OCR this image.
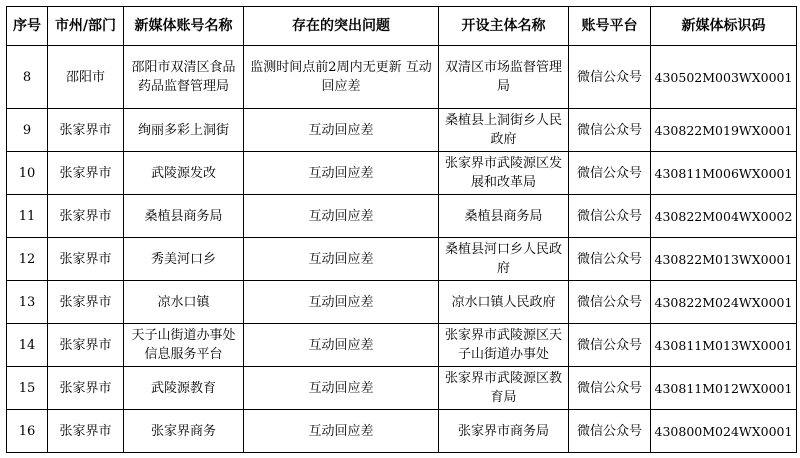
序号	市州/部门	新媒体账号名称	存在的突出问题	开设主体名称	账号平台	新媒体标识码
8	邵阳市	邵阳市双清区食品药品监督管理局	监测时间点前2周内无更新 互动回应差	双清区市场监督管理局	微信公众号	430502M003WX0001
9	张家界市	绚丽多彩上洞街	互动回应差	桑植县上洞街乡人民政府	微信公众号	430822M019WX0001
10	张家界市	武陵源发改	互动回应差	张家界市武陵源区发展和改革局	微信公众号	430811M006WX0001
11	张家界市	桑植县商务局	互动回应差	桑植县商务局	微信公众号	430822M004WX0002
12	张家界市	秀美河口乡	互动回应差	桑植县河口乡人民政府	微信公众号	430822M013WX0001
13	张家界市	凉水口镇	互动回应差	凉水口镇人民政府	微信公众号	430822M024WX0001
14	张家界市	天子山街道办事处信息服务平台	互动回应差	张家界市武陵源区天子山街道办事处	微信公众号	430811M013WX0001
15	张家界市	武陵源教育	互动回应差	张家界市武陵源区教育局	微信公众号	430811M012WX0001
16	张家界市	张家界商务	互动回应差	张家界市商务局	微信公众号	430800M024WX0001
